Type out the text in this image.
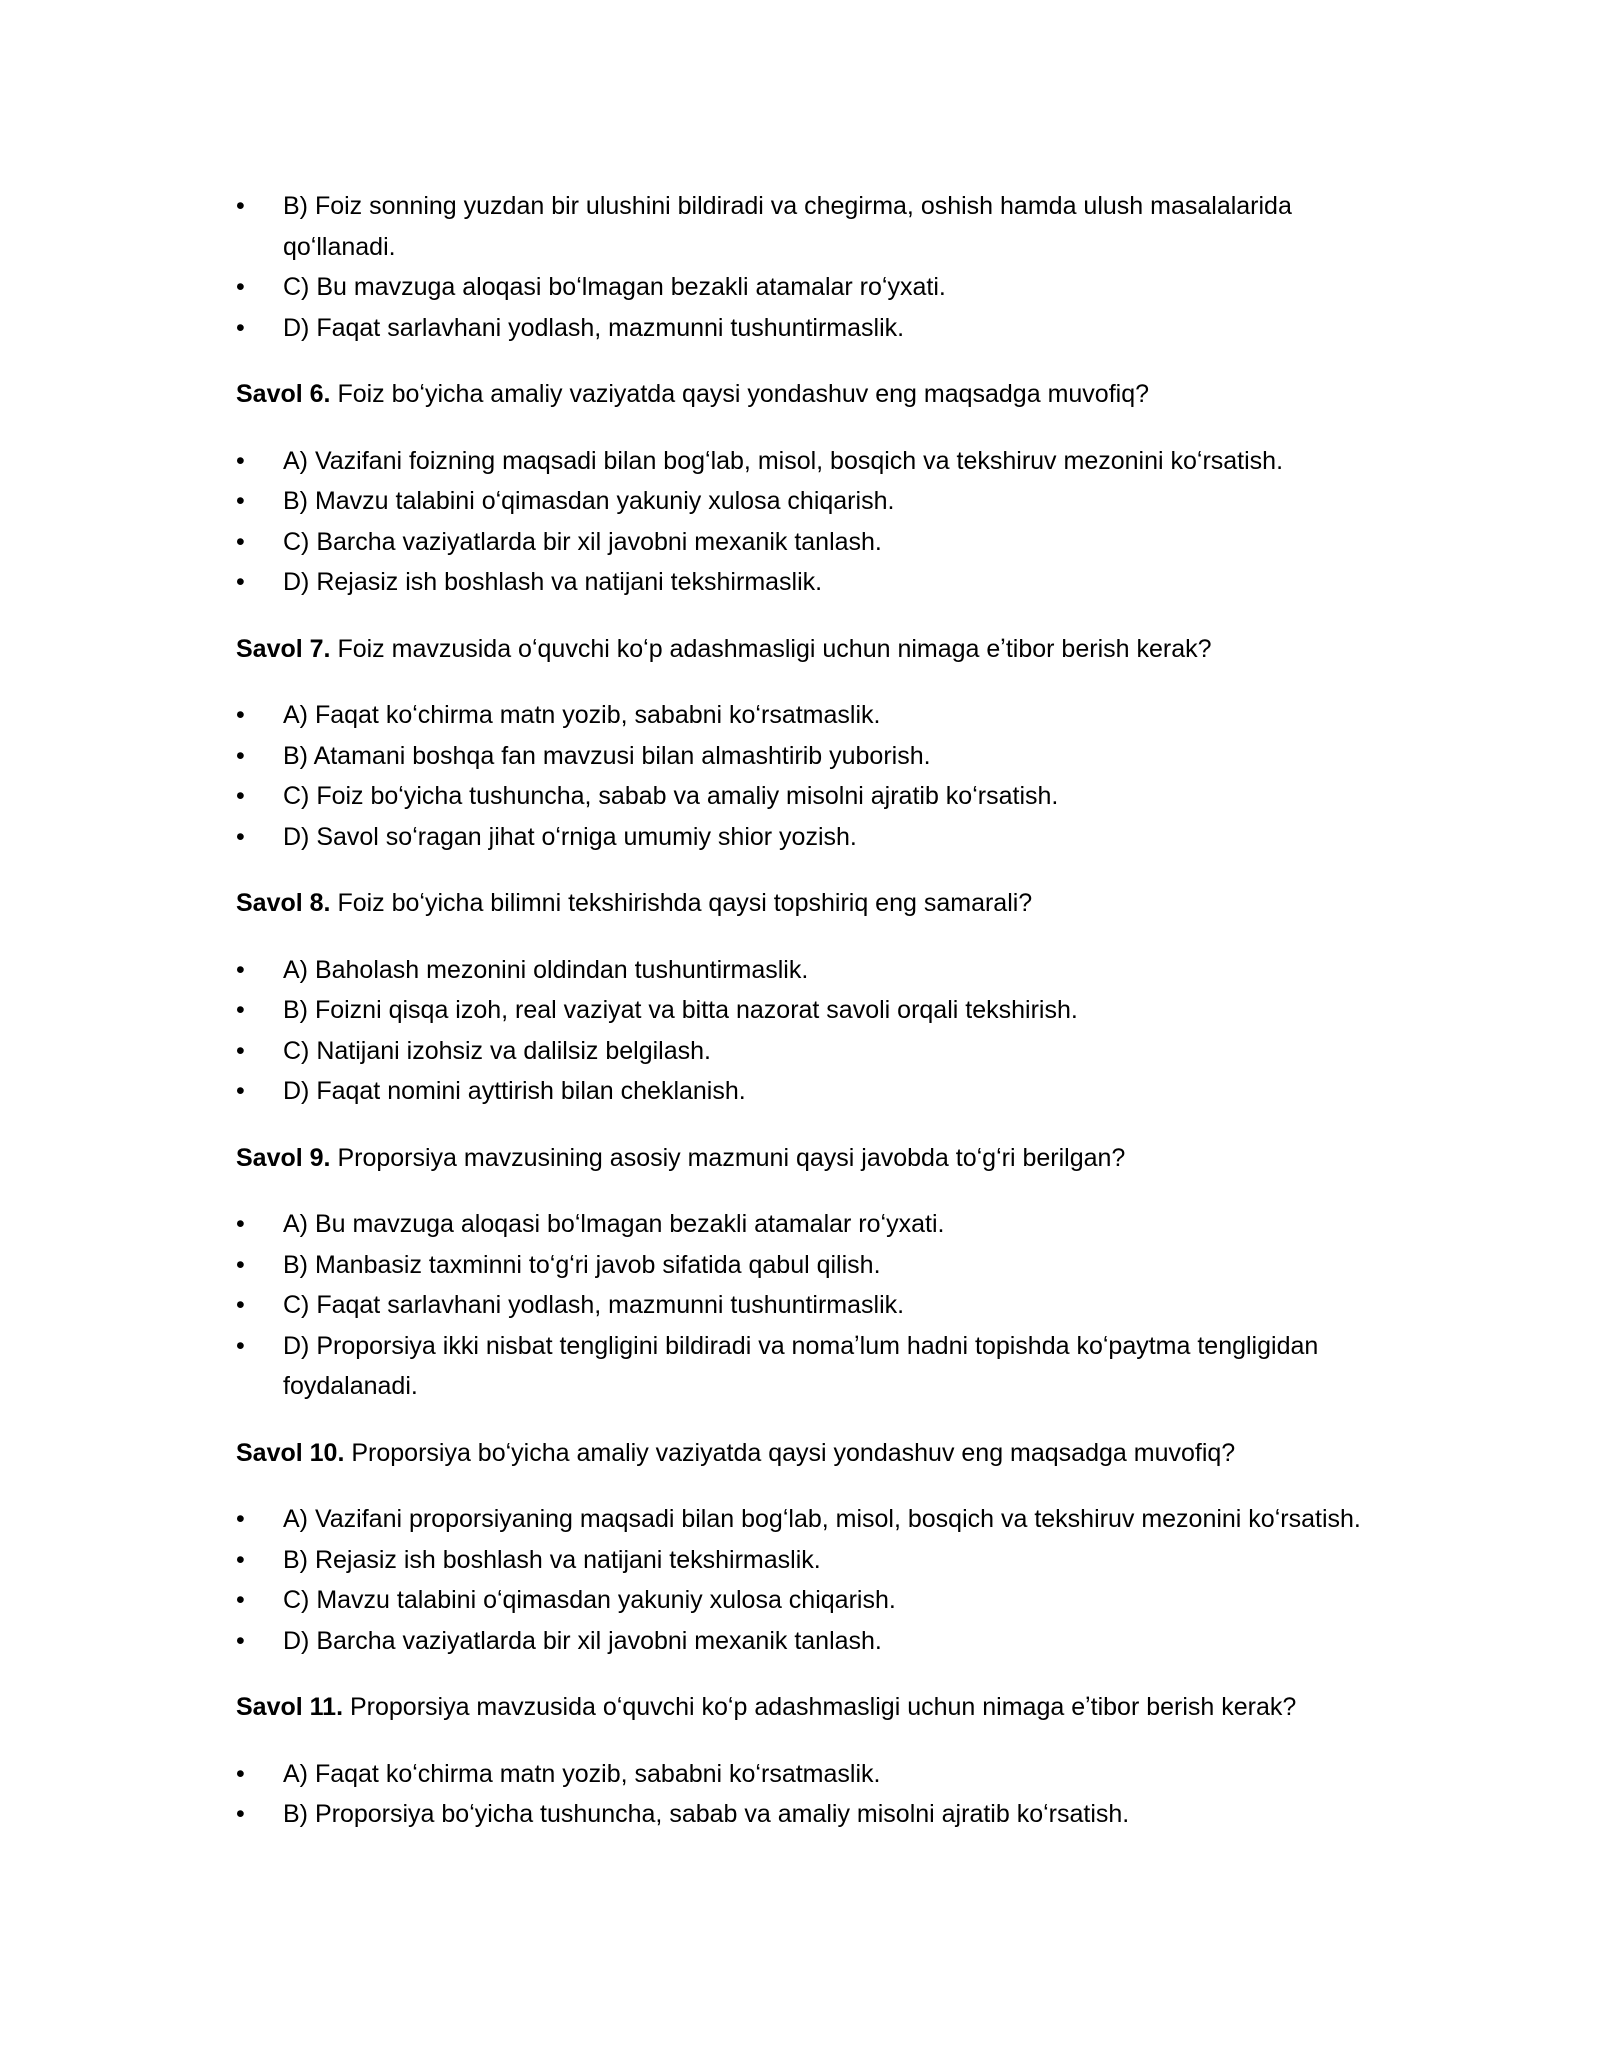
•	B) Foiz sonning yuzdan bir ulushini bildiradi va chegirma, oshish hamda ulush masalalarida qoʻllanadi.
•	C) Bu mavzuga aloqasi boʻlmagan bezakli atamalar roʻyxati.
•	D) Faqat sarlavhani yodlash, mazmunni tushuntirmaslik.
Savol 6. Foiz boʻyicha amaliy vaziyatda qaysi yondashuv eng maqsadga muvofiq?
•	A) Vazifani foizning maqsadi bilan bogʻlab, misol, bosqich va tekshiruv mezonini koʻrsatish.
•	B) Mavzu talabini oʻqimasdan yakuniy xulosa chiqarish.
•	C) Barcha vaziyatlarda bir xil javobni mexanik tanlash.
•	D) Rejasiz ish boshlash va natijani tekshirmaslik.
Savol 7. Foiz mavzusida oʻquvchi koʻp adashmasligi uchun nimaga eʼtibor berish kerak?
•	A) Faqat koʻchirma matn yozib, sababni koʻrsatmaslik.
•	B) Atamani boshqa fan mavzusi bilan almashtirib yuborish.
•	C) Foiz boʻyicha tushuncha, sabab va amaliy misolni ajratib koʻrsatish.
•	D) Savol soʻragan jihat oʻrniga umumiy shior yozish.
Savol 8. Foiz boʻyicha bilimni tekshirishda qaysi topshiriq eng samarali?
•	A) Baholash mezonini oldindan tushuntirmaslik.
•	B) Foizni qisqa izoh, real vaziyat va bitta nazorat savoli orqali tekshirish.
•	C) Natijani izohsiz va dalilsiz belgilash.
•	D) Faqat nomini ayttirish bilan cheklanish.
Savol 9. Proporsiya mavzusining asosiy mazmuni qaysi javobda toʻgʻri berilgan?
•	A) Bu mavzuga aloqasi boʻlmagan bezakli atamalar roʻyxati.
•	B) Manbasiz taxminni toʻgʻri javob sifatida qabul qilish.
•	C) Faqat sarlavhani yodlash, mazmunni tushuntirmaslik.
•	D) Proporsiya ikki nisbat tengligini bildiradi va nomaʼlum hadni topishda koʻpaytma tengligidan foydalanadi.
Savol 10. Proporsiya boʻyicha amaliy vaziyatda qaysi yondashuv eng maqsadga muvofiq?
•	A) Vazifani proporsiyaning maqsadi bilan bogʻlab, misol, bosqich va tekshiruv mezonini koʻrsatish.
•	B) Rejasiz ish boshlash va natijani tekshirmaslik.
•	C) Mavzu talabini oʻqimasdan yakuniy xulosa chiqarish.
•	D) Barcha vaziyatlarda bir xil javobni mexanik tanlash.
Savol 11. Proporsiya mavzusida oʻquvchi koʻp adashmasligi uchun nimaga eʼtibor berish kerak?
•	A) Faqat koʻchirma matn yozib, sababni koʻrsatmaslik.
•	B) Proporsiya boʻyicha tushuncha, sabab va amaliy misolni ajratib koʻrsatish.
